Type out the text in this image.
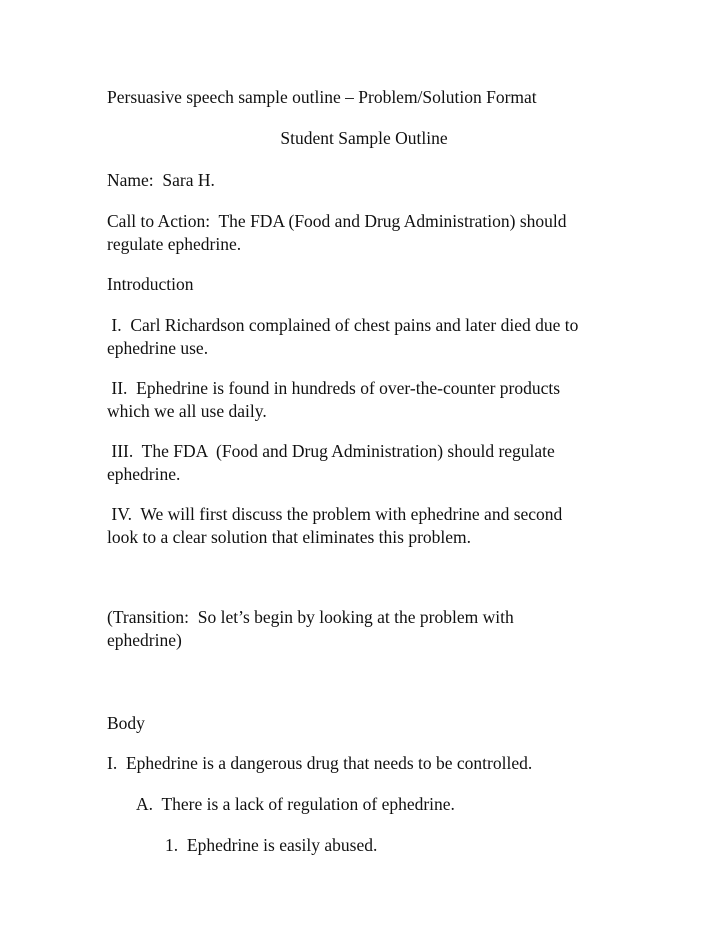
Persuasive speech sample outline – Problem/Solution Format

Student Sample Outline

Name:  Sara H.

Call to Action:  The FDA (Food and Drug Administration) should

regulate ephedrine.

Introduction

I.  Carl Richardson complained of chest pains and later died due to

ephedrine use.

II.  Ephedrine is found in hundreds of over-the-counter products

which we all use daily.

III.  The FDA  (Food and Drug Administration) should regulate

ephedrine.

IV.  We will first discuss the problem with ephedrine and second

look to a clear solution that eliminates this problem.

(Transition:  So let’s begin by looking at the problem with

ephedrine)

Body

I.  Ephedrine is a dangerous drug that needs to be controlled.

A.  There is a lack of regulation of ephedrine.

1.  Ephedrine is easily abused.
